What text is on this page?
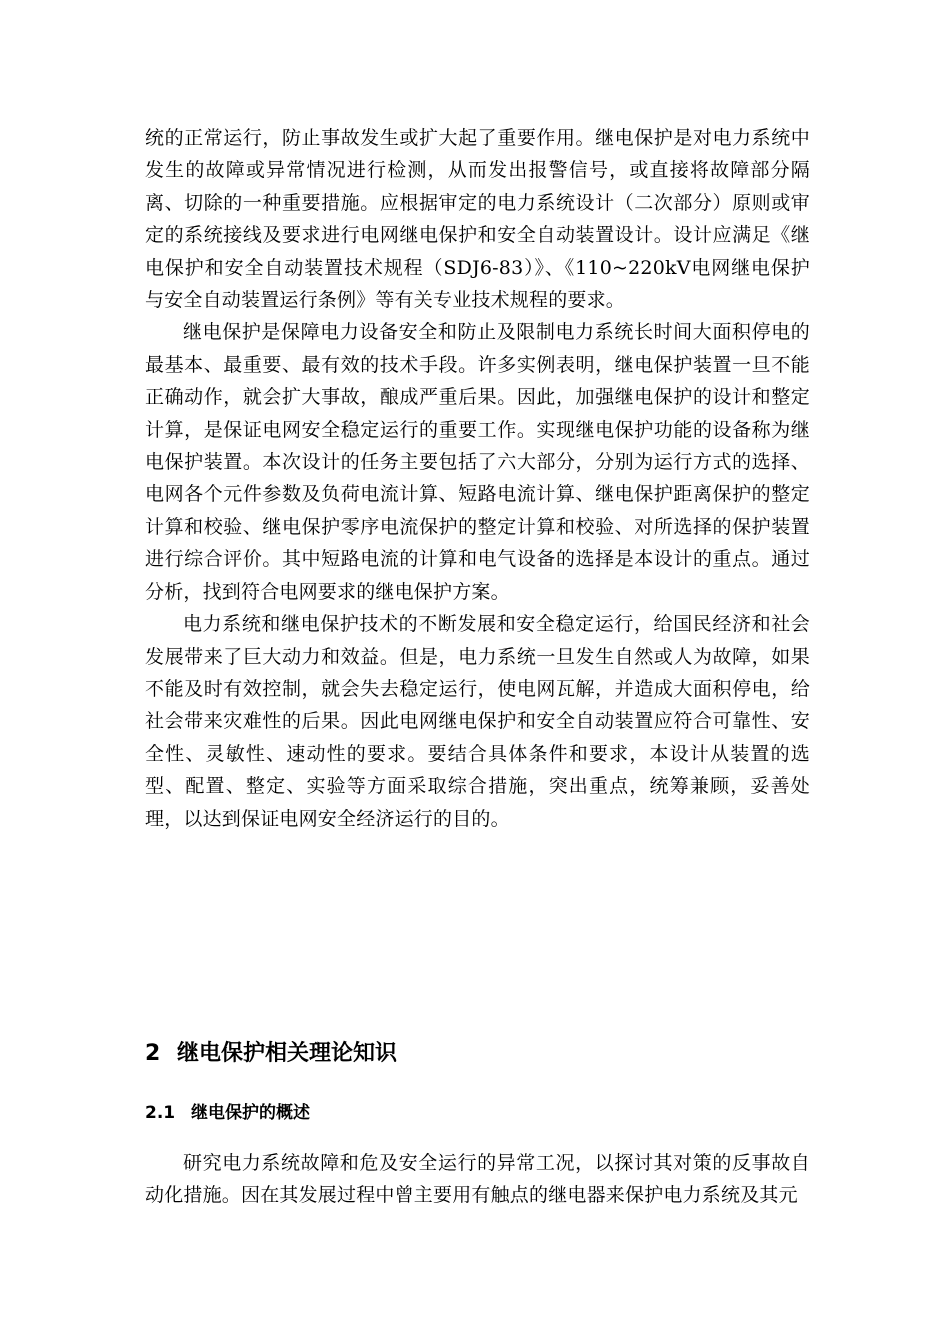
统的正常运行，防止事故发生或扩大起了重要作用。继电保护是对电力系统中发生的故障或异常情况进行检测，从而发出报警信号，或直接将故障部分隔离、切除的一种重要措施。应根据审定的电力系统设计（二次部分）原则或审定的系统接线及要求进行电网继电保护和安全自动装置设计。设计应满足《继电保护和安全自动装置技术规程（SDJ6-83）》、《110~220kV电网继电保护与安全自动装置运行条例》等有关专业技术规程的要求。

继电保护是保障电力设备安全和防止及限制电力系统长时间大面积停电的最基本、最重要、最有效的技术手段。许多实例表明，继电保护装置一旦不能正确动作，就会扩大事故，酿成严重后果。因此，加强继电保护的设计和整定计算，是保证电网安全稳定运行的重要工作。实现继电保护功能的设备称为继电保护装置。本次设计的任务主要包括了六大部分，分别为运行方式的选择、电网各个元件参数及负荷电流计算、短路电流计算、继电保护距离保护的整定计算和校验、继电保护零序电流保护的整定计算和校验、对所选择的保护装置进行综合评价。其中短路电流的计算和电气设备的选择是本设计的重点。通过分析，找到符合电网要求的继电保护方案。

电力系统和继电保护技术的不断发展和安全稳定运行，给国民经济和社会发展带来了巨大动力和效益。但是，电力系统一旦发生自然或人为故障，如果不能及时有效控制，就会失去稳定运行，使电网瓦解，并造成大面积停电，给社会带来灾难性的后果。因此电网继电保护和安全自动装置应符合可靠性、安全性、灵敏性、速动性的要求。要结合具体条件和要求，本设计从装置的选型、配置、整定、实验等方面采取综合措施，突出重点，统筹兼顾，妥善处理，以达到保证电网安全经济运行的目的。

2 继电保护相关理论知识
2.1 继电保护的概述

研究电力系统故障和危及安全运行的异常工况，以探讨其对策的反事故自动化措施。因在其发展过程中曾主要用有触点的继电器来保护电力系统及其元
